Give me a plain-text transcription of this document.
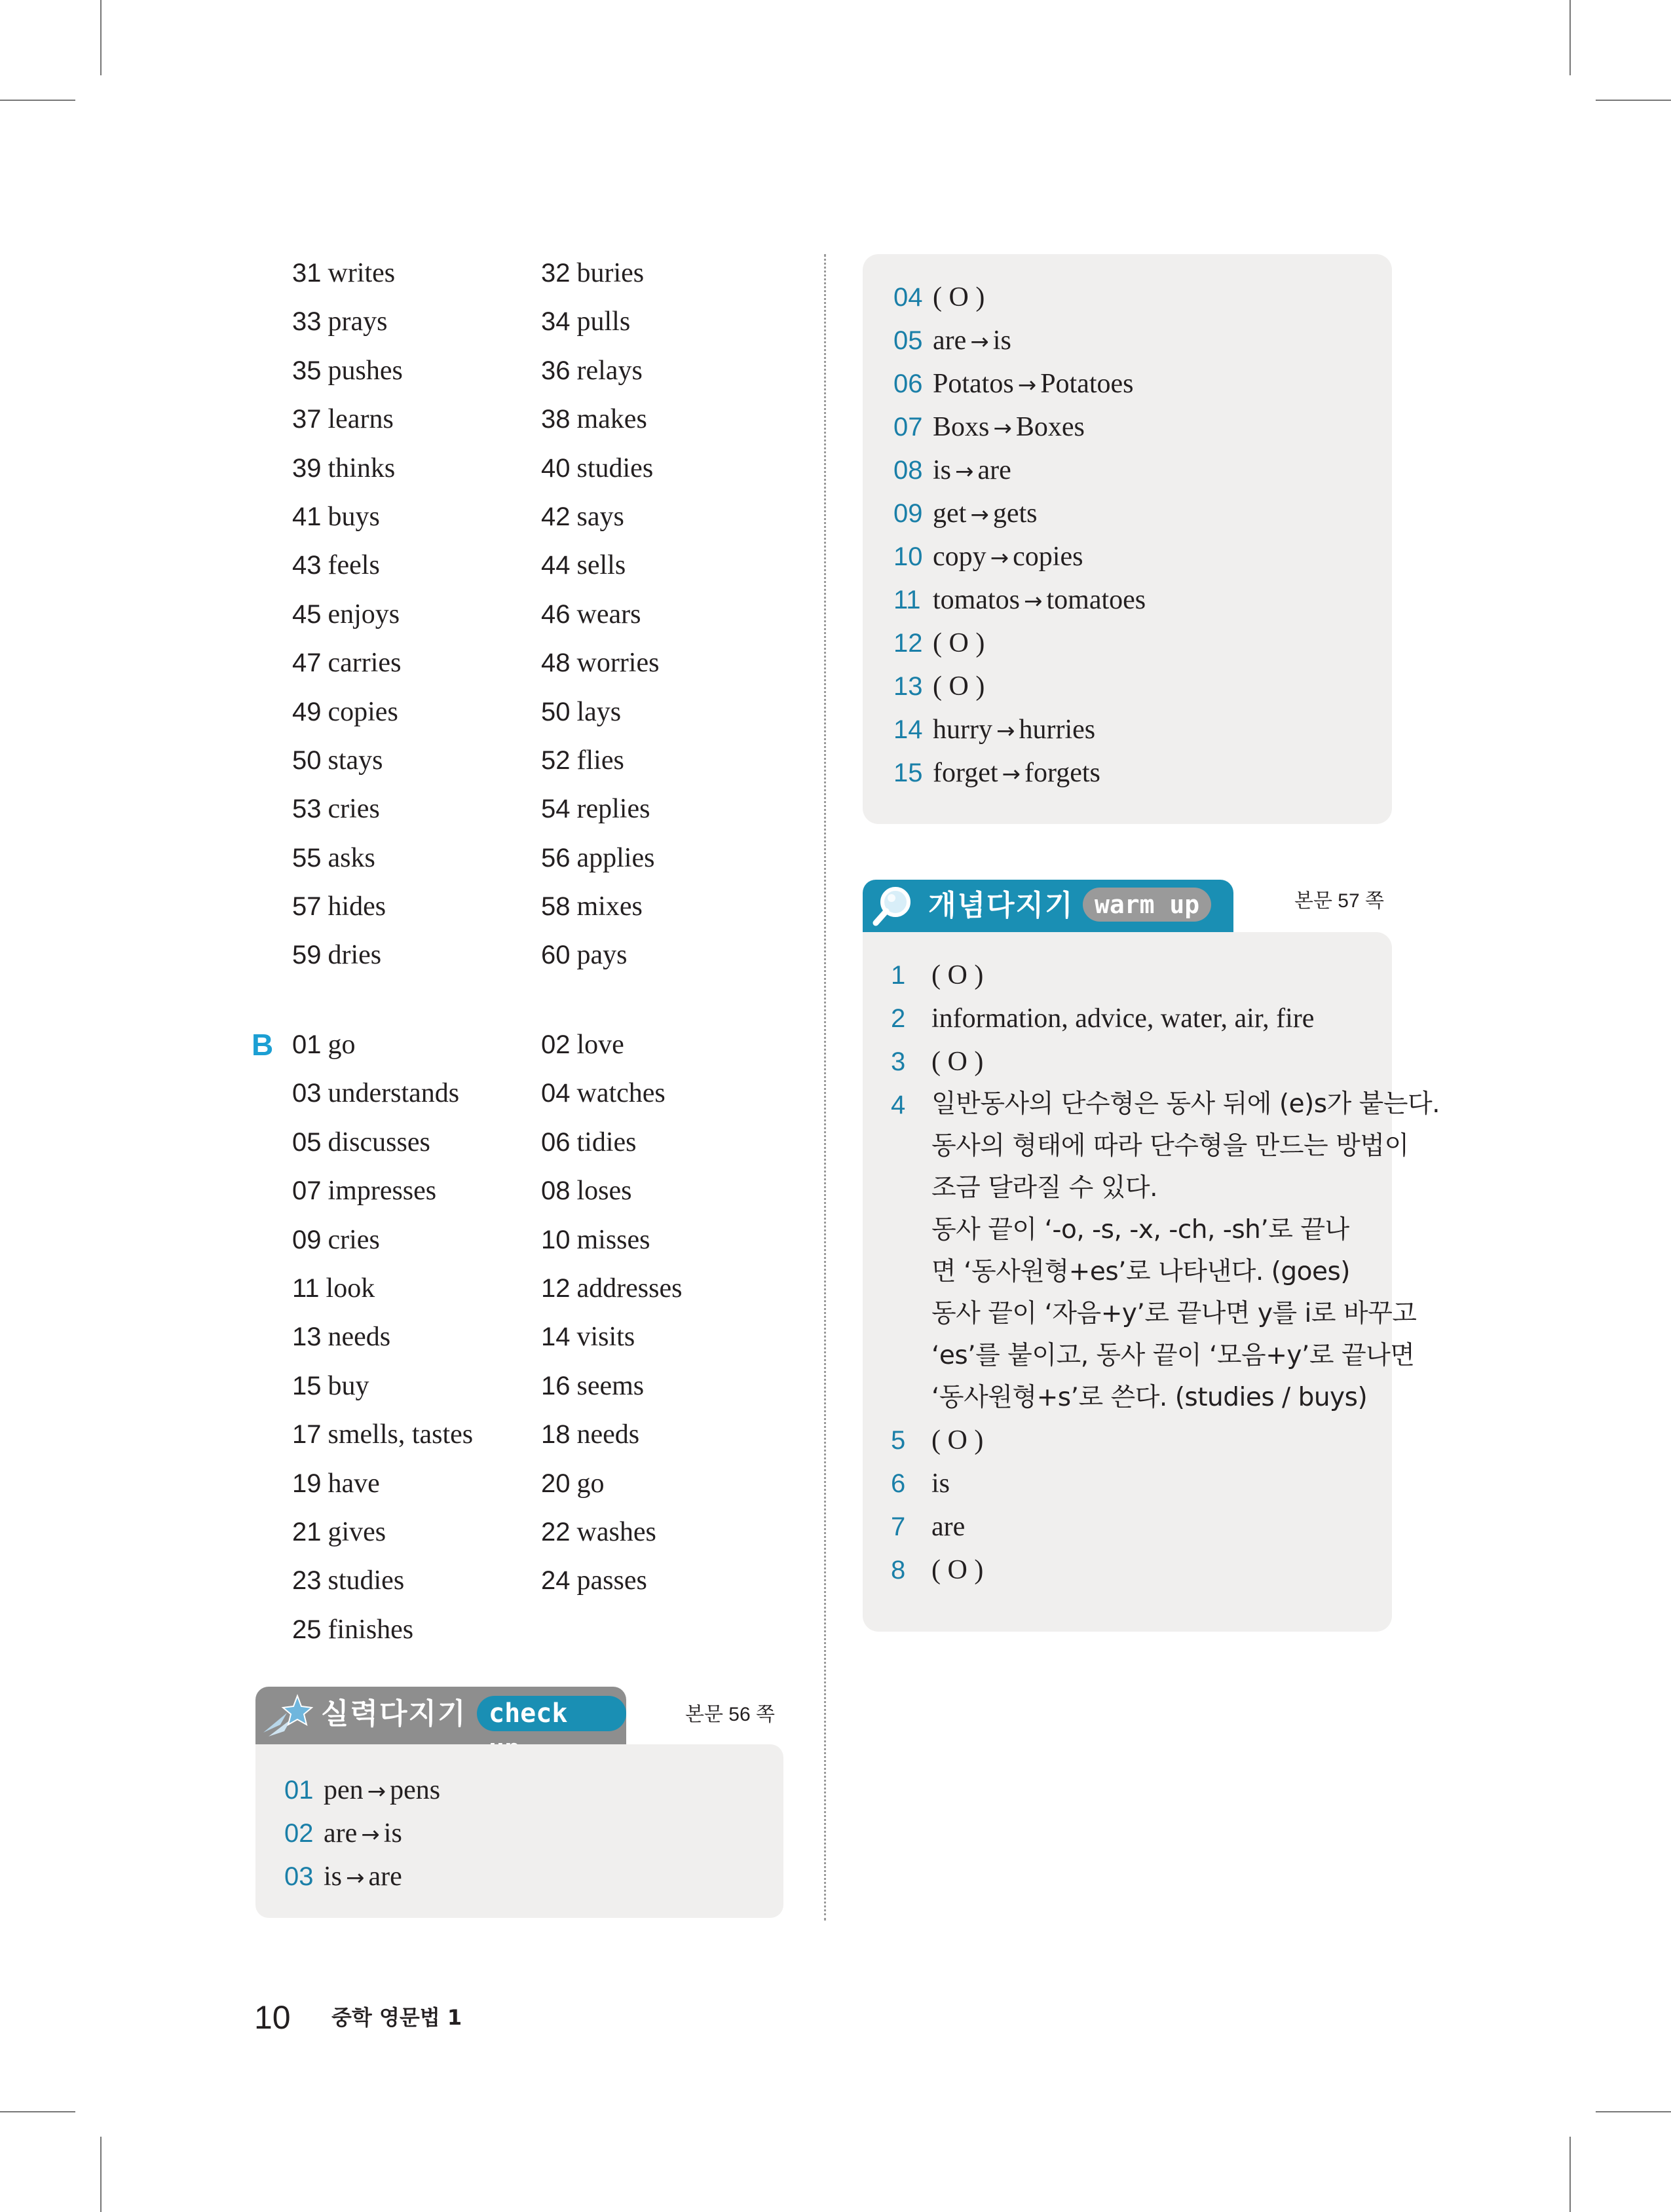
31 writes	32 buries
33 prays	34 pulls
35 pushes	36 relays
37 learns	38 makes
39 thinks	40 studies
41 buys	42 says
43 feels	44 sells
45 enjoys	46 wears
47 carries	48 worries
49 copies	50 lays
50 stays	52 flies
53 cries	54 replies
55 asks	56 applies
57 hides	58 mixes
59 dries	60 pays
B 01 go	02 love
03 understands	04 watches
05 discusses	06 tidies
07 impresses	08 loses
09 cries	10 misses
11 look	12 addresses
13 needs	14 visits
15 buy	16 seems
17 smells, tastes	18 needs
19 have	20 go
21 gives	22 washes
23 studies	24 passes
25 finishes
실력다지기 check	본문 56 쪽
01 pen → pens
02 are → is
03 is → are
04 ( O )
05 are → is
06 Potatos → Potatoes
07 Boxs → Boxes
08 is → are
09 get → gets
10 copy → copies
11 tomatos → tomatoes
12 ( O )
13 ( O )
14 hurry → hurries
15 forget → forgets
개념다지기 warm up	본문 57 쪽
1 ( O )
2 information, advice, water, air, fire
3 ( O )
4 일반동사의 단수형은 동사 뒤에 (e)s가 붙는다.
동사의 형태에 따라 단수형을 만드는 방법이
조금 달라질 수 있다.
동사 끝이 ‘-o, -s, -x, -ch, -sh’로 끝나
면 ‘동사원형+es’로 나타낸다. (goes)
동사 끝이 ‘자음+y’로 끝나면 y를 i로 바꾸고
‘es’를 붙이고, 동사 끝이 ‘모음+y’로 끝나면
‘동사원형+s’로 쓴다. (studies / buys)
5 ( O )
6 is
7 are
8 ( O )
10 중학 영문법 1
